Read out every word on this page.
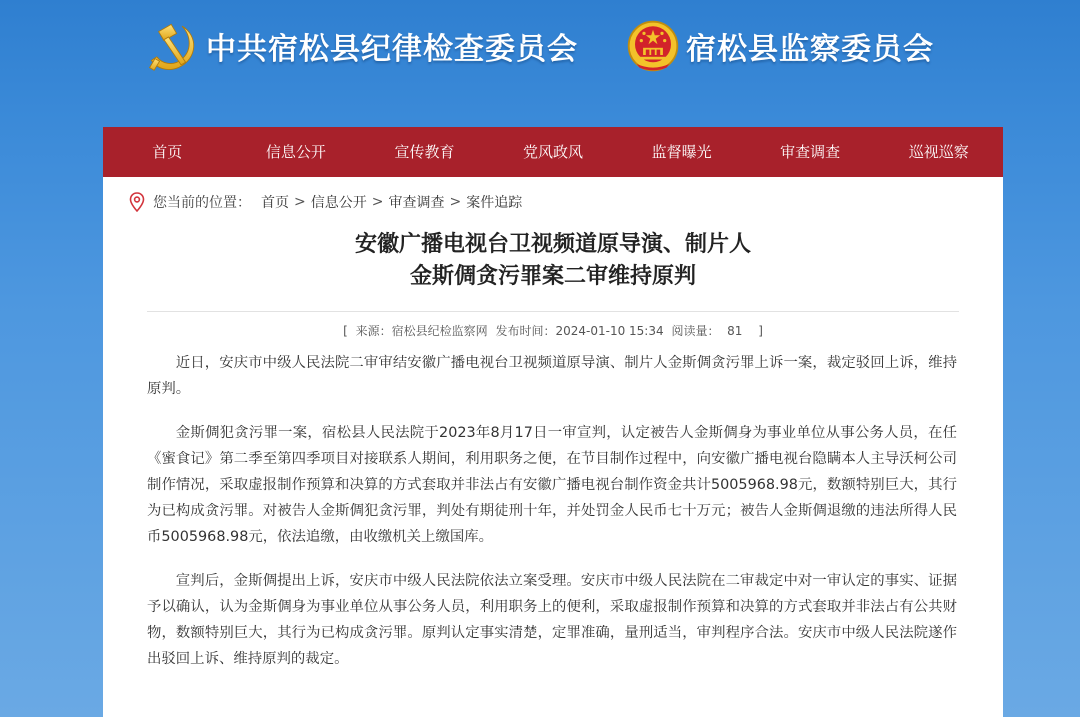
中共宿松县纪律检查委员会	宿松县监察委员会
首页	信息公开	宣传教育	党风政风	监督曝光	审查调查	巡视巡察
您当前的位置： 首页 > 信息公开 > 审查调查 > 案件追踪
安徽广播电视台卫视频道原导演、制片人
金斯倜贪污罪案二审维持原判
[ 来源：宿松县纪检监察网 发布时间：2024-01-10 15:34 阅读量：  81 ]

近日，安庆市中级人民法院二审审结安徽广播电视台卫视频道原导演、制片人金斯倜贪污罪上诉一案，裁定驳回上诉，维持原判。

金斯倜犯贪污罪一案，宿松县人民法院于2023年8月17日一审宣判，认定被告人金斯倜身为事业单位从事公务人员，在任《蜜食记》第二季至第四季项目对接联系人期间，利用职务之便，在节目制作过程中，向安徽广播电视台隐瞒本人主导沃柯公司制作情况，采取虚报制作预算和决算的方式套取并非法占有安徽广播电视台制作资金共计5005968.98元，数额特别巨大，其行为已构成贪污罪。对被告人金斯倜犯贪污罪，判处有期徒刑十年，并处罚金人民币七十万元；被告人金斯倜退缴的违法所得人民币5005968.98元，依法追缴，由收缴机关上缴国库。

宣判后，金斯倜提出上诉，安庆市中级人民法院依法立案受理。安庆市中级人民法院在二审裁定中对一审认定的事实、证据予以确认，认为金斯倜身为事业单位从事公务人员，利用职务上的便利，采取虚报制作预算和决算的方式套取并非法占有公共财物，数额特别巨大，其行为已构成贪污罪。原判认定事实清楚，定罪准确，量刑适当，审判程序合法。安庆市中级人民法院遂作出驳回上诉、维持原判的裁定。
